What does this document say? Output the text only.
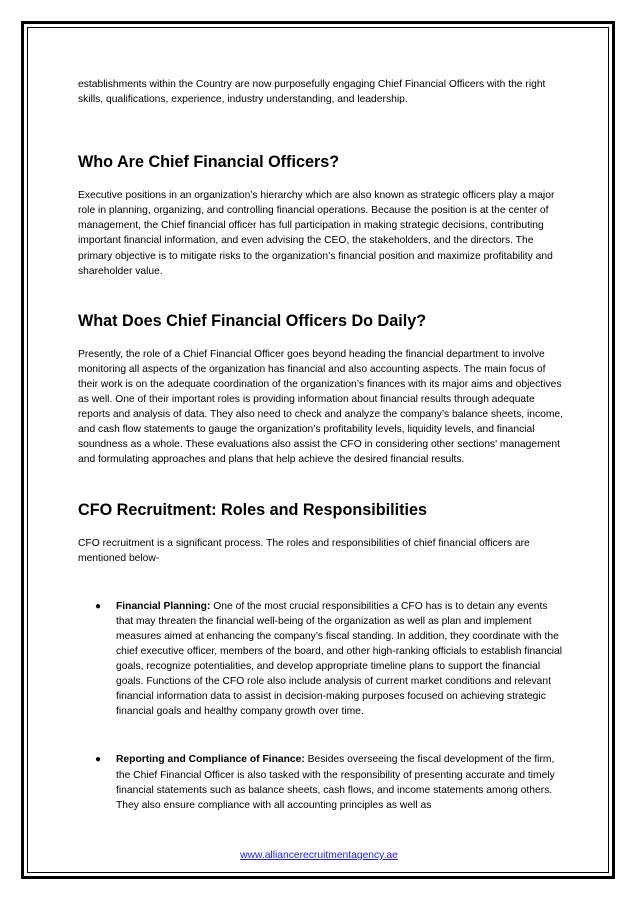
establishments within the Country are now purposefully engaging Chief Financial Officers with the right skills, qualifications, experience, industry understanding, and leadership.

Who Are Chief Financial Officers?

Executive positions in an organization’s hierarchy which are also known as strategic officers play a major role in planning, organizing, and controlling financial operations. Because the position is at the center of management, the Chief financial officer has full participation in making strategic decisions, contributing important financial information, and even advising the CEO, the stakeholders, and the directors. The primary objective is to mitigate risks to the organization’s financial position and maximize profitability and shareholder value.

What Does Chief Financial Officers Do Daily?

Presently, the role of a Chief Financial Officer goes beyond heading the financial department to involve monitoring all aspects of the organization has financial and also accounting aspects. The main focus of their work is on the adequate coordination of the organization’s finances with its major aims and objectives as well. One of their important roles is providing information about financial results through adequate reports and analysis of data. They also need to check and analyze the company’s balance sheets, income, and cash flow statements to gauge the organization’s profitability levels, liquidity levels, and financial soundness as a whole. These evaluations also assist the CFO in considering other sections' management and formulating approaches and plans that help achieve the desired financial results.

CFO Recruitment: Roles and Responsibilities

CFO recruitment is a significant process. The roles and responsibilities of chief financial officers are mentioned below-

● Financial Planning: One of the most crucial responsibilities a CFO has is to detain any events that may threaten the financial well-being of the organization as well as plan and implement measures aimed at enhancing the company’s fiscal standing. In addition, they coordinate with the chief executive officer, members of the board, and other high-ranking officials to establish financial goals, recognize potentialities, and develop appropriate timeline plans to support the financial goals. Functions of the CFO role also include analysis of current market conditions and relevant financial information data to assist in decision-making purposes focused on achieving strategic financial goals and healthy company growth over time.
● Reporting and Compliance of Finance: Besides overseeing the fiscal development of the firm, the Chief Financial Officer is also tasked with the responsibility of presenting accurate and timely financial statements such as balance sheets, cash flows, and income statements among others. They also ensure compliance with all accounting principles as well as
www.alliancerecruitmentagency.ae
